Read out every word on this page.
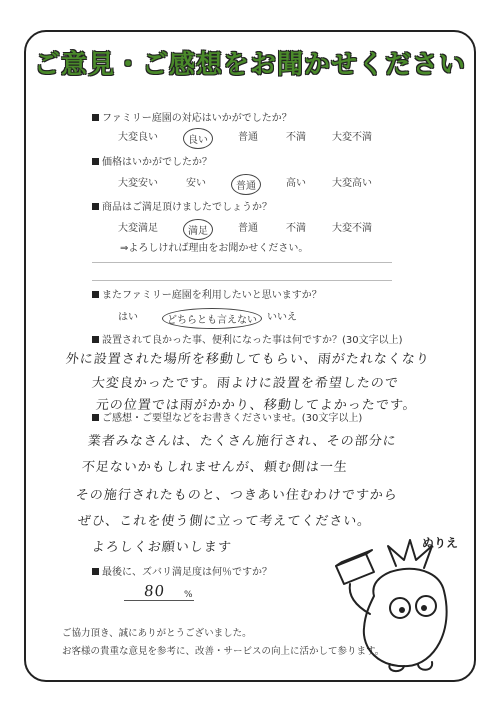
ご意見・ご感想をお聞かせください
ファミリー庭園の対応はいかがでしたか？
大変良い	良い	普通	不満	大変不満
価格はいかがでしたか？
大変安い	安い	普通	高い	大変高い
商品はご満足頂けましたでしょうか？
大変満足	満足	普通	不満	大変不満
⇒よろしければ理由をお聞かせください。
またファミリー庭園を利用したいと思いますか？
はい	どちらとも言えない	いいえ
設置されて良かった事、便利になった事は何ですか？(30文字以上)
外に設置された場所を移動してもらい、雨がたれなくなり
大変良かったです。雨よけに設置を希望したので
元の位置では雨がかかり、移動してよかったです。
ご感想・ご要望などをお書きくださいませ。(30文字以上)
業者みなさんは、たくさん施行され、その部分に
不足ないかもしれませんが、頼む側は一生
その施行されたものと、つきあい住むわけですから
ぜひ、これを使う側に立って考えてください。
よろしくお願いします
最後に、ズバリ満足度は何％ですか？
80 %
ご協力頂き、誠にありがとうございました。
お客様の貴重な意見を参考に、改善・サービスの向上に活かして参ります。
ぬりえ
